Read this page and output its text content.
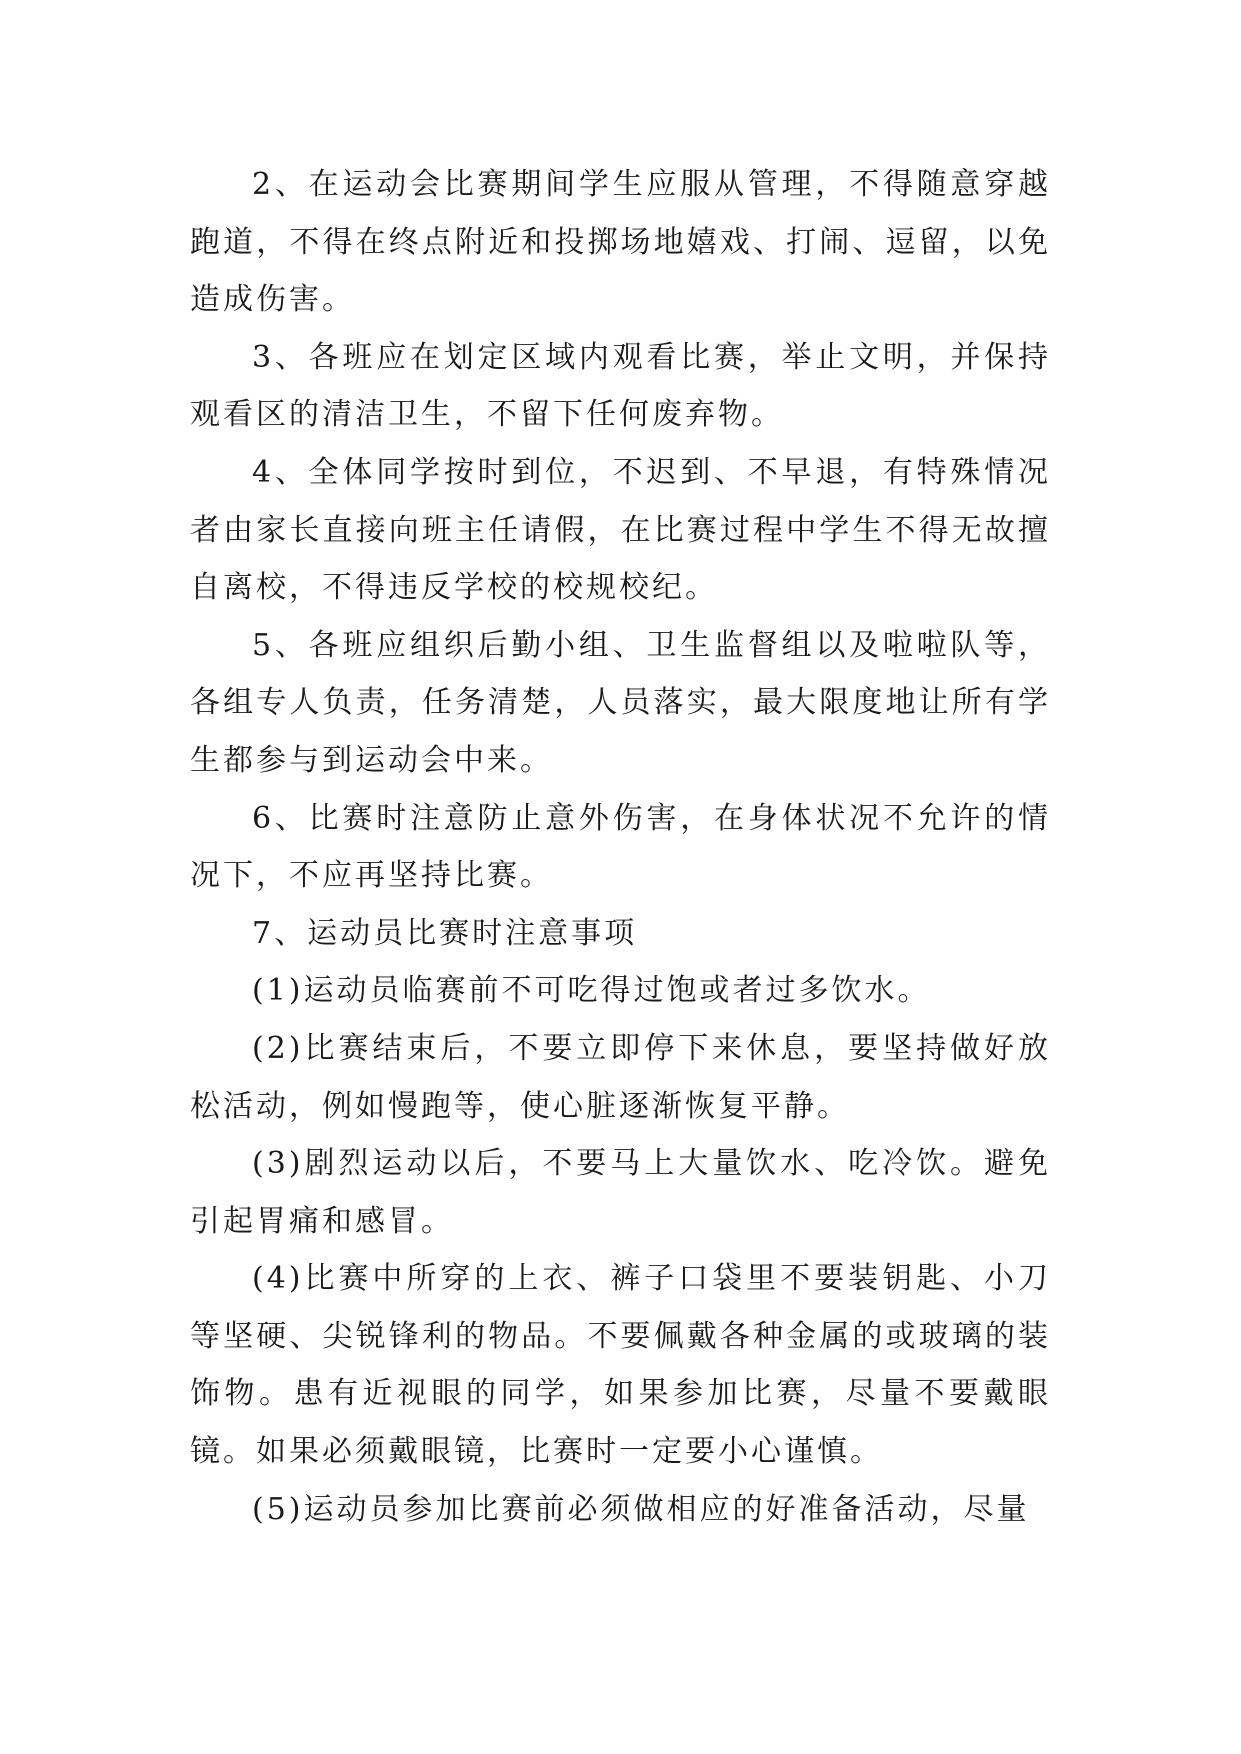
2、在运动会比赛期间学生应服从管理，不得随意穿越跑道，不得在终点附近和投掷场地嬉戏、打闹、逗留，以免造成伤害。

3、各班应在划定区域内观看比赛，举止文明，并保持观看区的清洁卫生，不留下任何废弃物。

4、全体同学按时到位，不迟到、不早退，有特殊情况者由家长直接向班主任请假，在比赛过程中学生不得无故擅自离校，不得违反学校的校规校纪。

5、各班应组织后勤小组、卫生监督组以及啦啦队等，各组专人负责，任务清楚，人员落实，最大限度地让所有学生都参与到运动会中来。

6、比赛时注意防止意外伤害，在身体状况不允许的情况下，不应再坚持比赛。

7、运动员比赛时注意事项

(1)运动员临赛前不可吃得过饱或者过多饮水。

(2)比赛结束后，不要立即停下来休息，要坚持做好放松活动，例如慢跑等，使心脏逐渐恢复平静。

(3)剧烈运动以后，不要马上大量饮水、吃冷饮。避免引起胃痛和感冒。

(4)比赛中所穿的上衣、裤子口袋里不要装钥匙、小刀等坚硬、尖锐锋利的物品。不要佩戴各种金属的或玻璃的装饰物。患有近视眼的同学，如果参加比赛，尽量不要戴眼镜。如果必须戴眼镜，比赛时一定要小心谨慎。

(5)运动员参加比赛前必须做相应的好准备活动，尽量
